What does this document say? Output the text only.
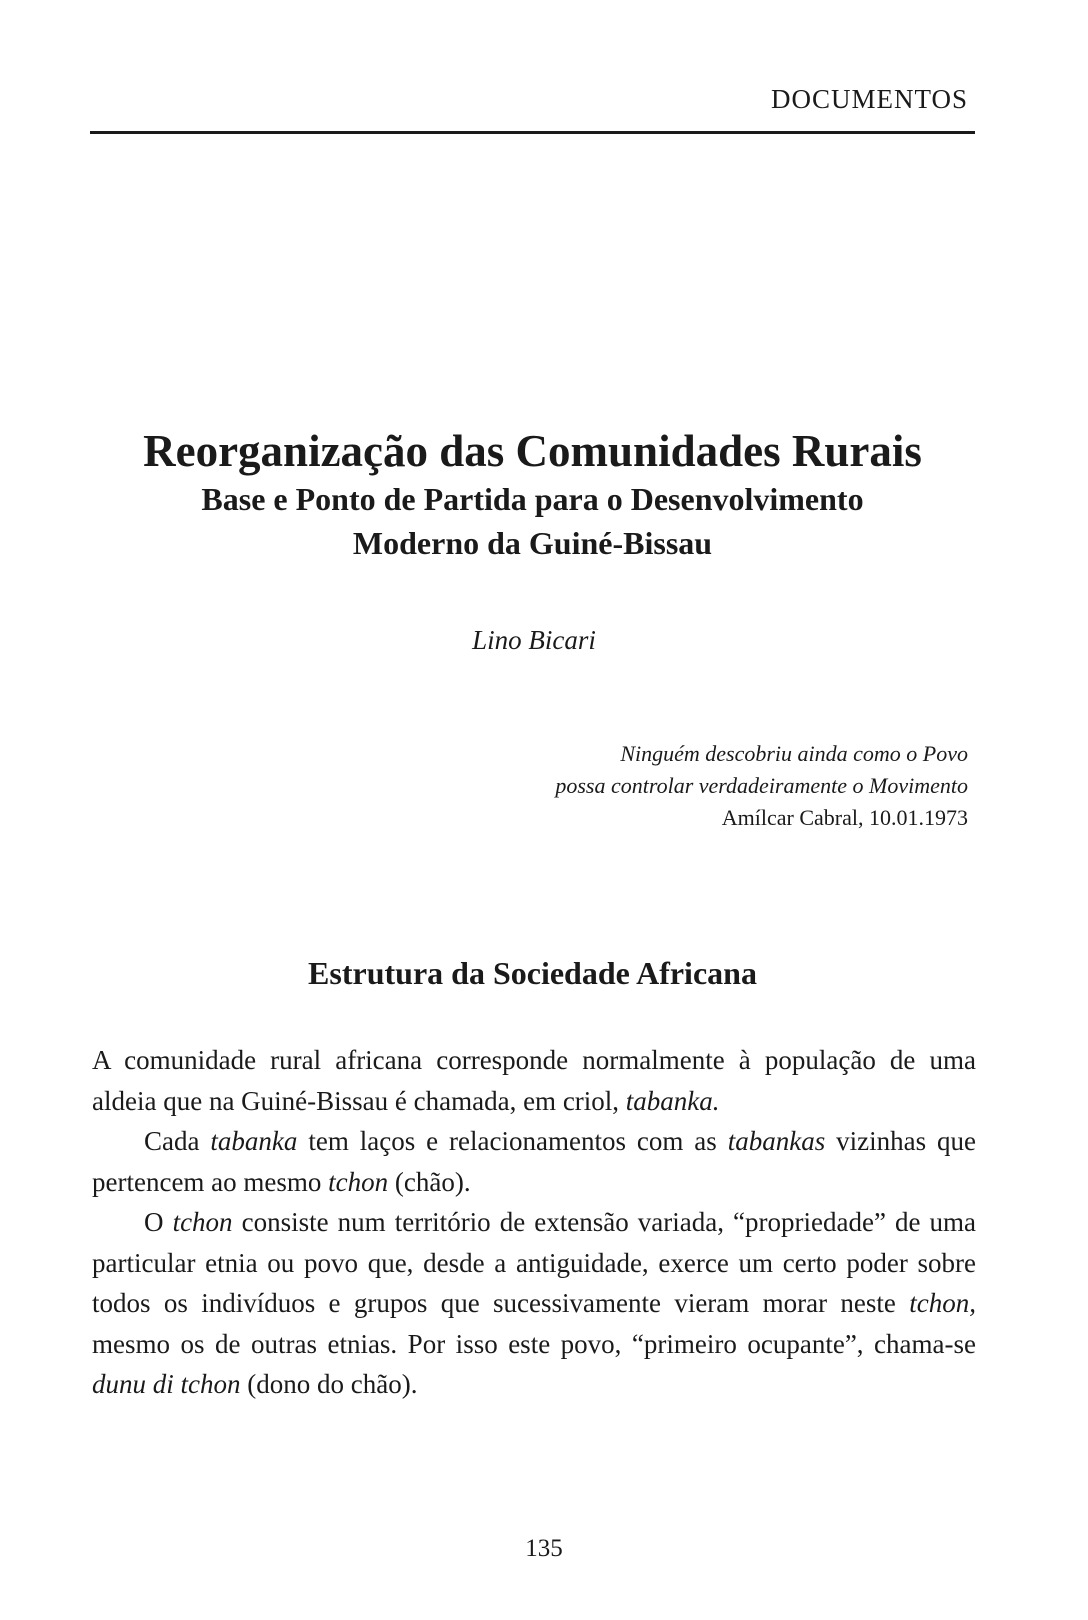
DOCUMENTOS
Reorganização das Comunidades Rurais
Base e Ponto de Partida para o Desenvolvimento
Moderno da Guiné-Bissau
Lino Bicari
Ninguém descobriu ainda como o Povo
possa controlar verdadeiramente o Movimento
Amílcar Cabral, 10.01.1973
Estrutura da Sociedade Africana

A comunidade rural africana corresponde normalmente à população de uma aldeia que na Guiné-Bissau é chamada, em criol, tabanka.

Cada tabanka tem laços e relacionamentos com as tabankas vizinhas que pertencem ao mesmo tchon (chão).

O tchon consiste num território de extensão variada, “propriedade” de uma particular etnia ou povo que, desde a antiguidade, exerce um certo poder sobre todos os indivíduos e grupos que sucessivamente vieram morar neste tchon, mesmo os de outras etnias. Por isso este povo, “primeiro ocupante”, chama-se dunu di tchon (dono do chão).

135
